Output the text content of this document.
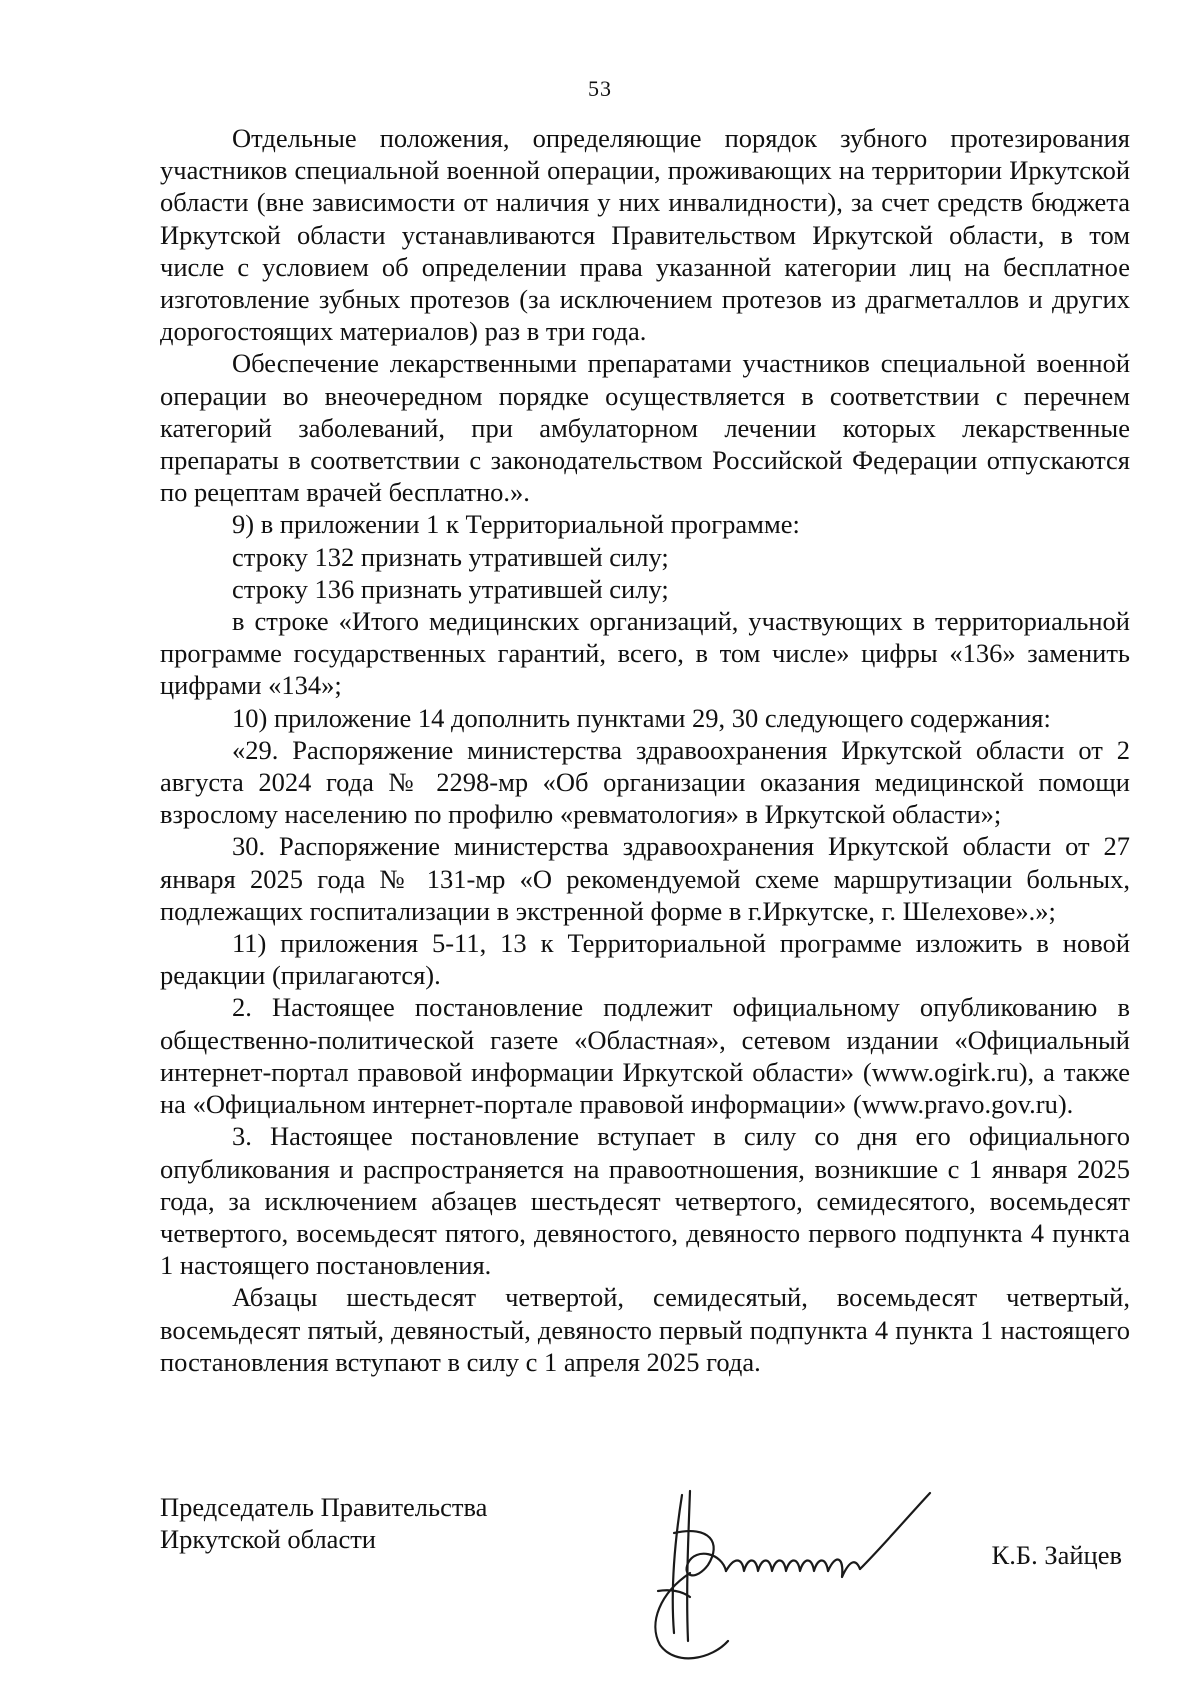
53

Отдельные положения, определяющие порядок зубного протезирования участников специальной военной операции, проживающих на территории Иркутской области (вне зависимости от наличия у них инвалидности), за счет средств бюджета Иркутской области устанавливаются Правительством Иркутской области, в том числе с условием об определении права указанной категории лиц на бесплатное изготовление зубных протезов (за исключением протезов из драгметаллов и других дорогостоящих материалов) раз в три года.

Обеспечение лекарственными препаратами участников специальной военной операции во внеочередном порядке осуществляется в соответствии с перечнем категорий заболеваний, при амбулаторном лечении которых лекарственные препараты в соответствии с законодательством Российской Федерации отпускаются по рецептам врачей бесплатно.».

9) в приложении 1 к Территориальной программе:

строку 132 признать утратившей силу;

строку 136 признать утратившей силу;

в строке «Итого медицинских организаций, участвующих в территориальной программе государственных гарантий, всего, в том числе» цифры «136» заменить цифрами «134»;

10) приложение 14 дополнить пунктами 29, 30 следующего содержания:

«29. Распоряжение министерства здравоохранения Иркутской области от 2 августа 2024 года № 2298-мр «Об организации оказания медицинской помощи взрослому населению по профилю «ревматология» в Иркутской области»;

30. Распоряжение министерства здравоохранения Иркутской области от 27 января 2025 года № 131-мр «О рекомендуемой схеме маршрутизации больных, подлежащих госпитализации в экстренной форме в г.Иркутске, г. Шелехове».»;

11) приложения 5-11, 13 к Территориальной программе изложить в новой редакции (прилагаются).

2. Настоящее постановление подлежит официальному опубликованию в общественно-политической газете «Областная», сетевом издании «Официальный интернет-портал правовой информации Иркутской области» (www.ogirk.ru), а также на «Официальном интернет-портале правовой информации» (www.pravo.gov.ru).

3. Настоящее постановление вступает в силу со дня его официального опубликования и распространяется на правоотношения, возникшие с 1 января 2025 года, за исключением абзацев шестьдесят четвертого, семидесятого, восемьдесят четвертого, восемьдесят пятого, девяностого, девяносто первого подпункта 4 пункта 1 настоящего постановления.

Абзацы шестьдесят четвертой, семидесятый, восемьдесят четвертый, восемьдесят пятый, девяностый, девяносто первый подпункта 4 пункта 1 настоящего постановления вступают в силу с 1 апреля 2025 года.

Председатель Правительства
Иркутской области
К.Б. Зайцев
